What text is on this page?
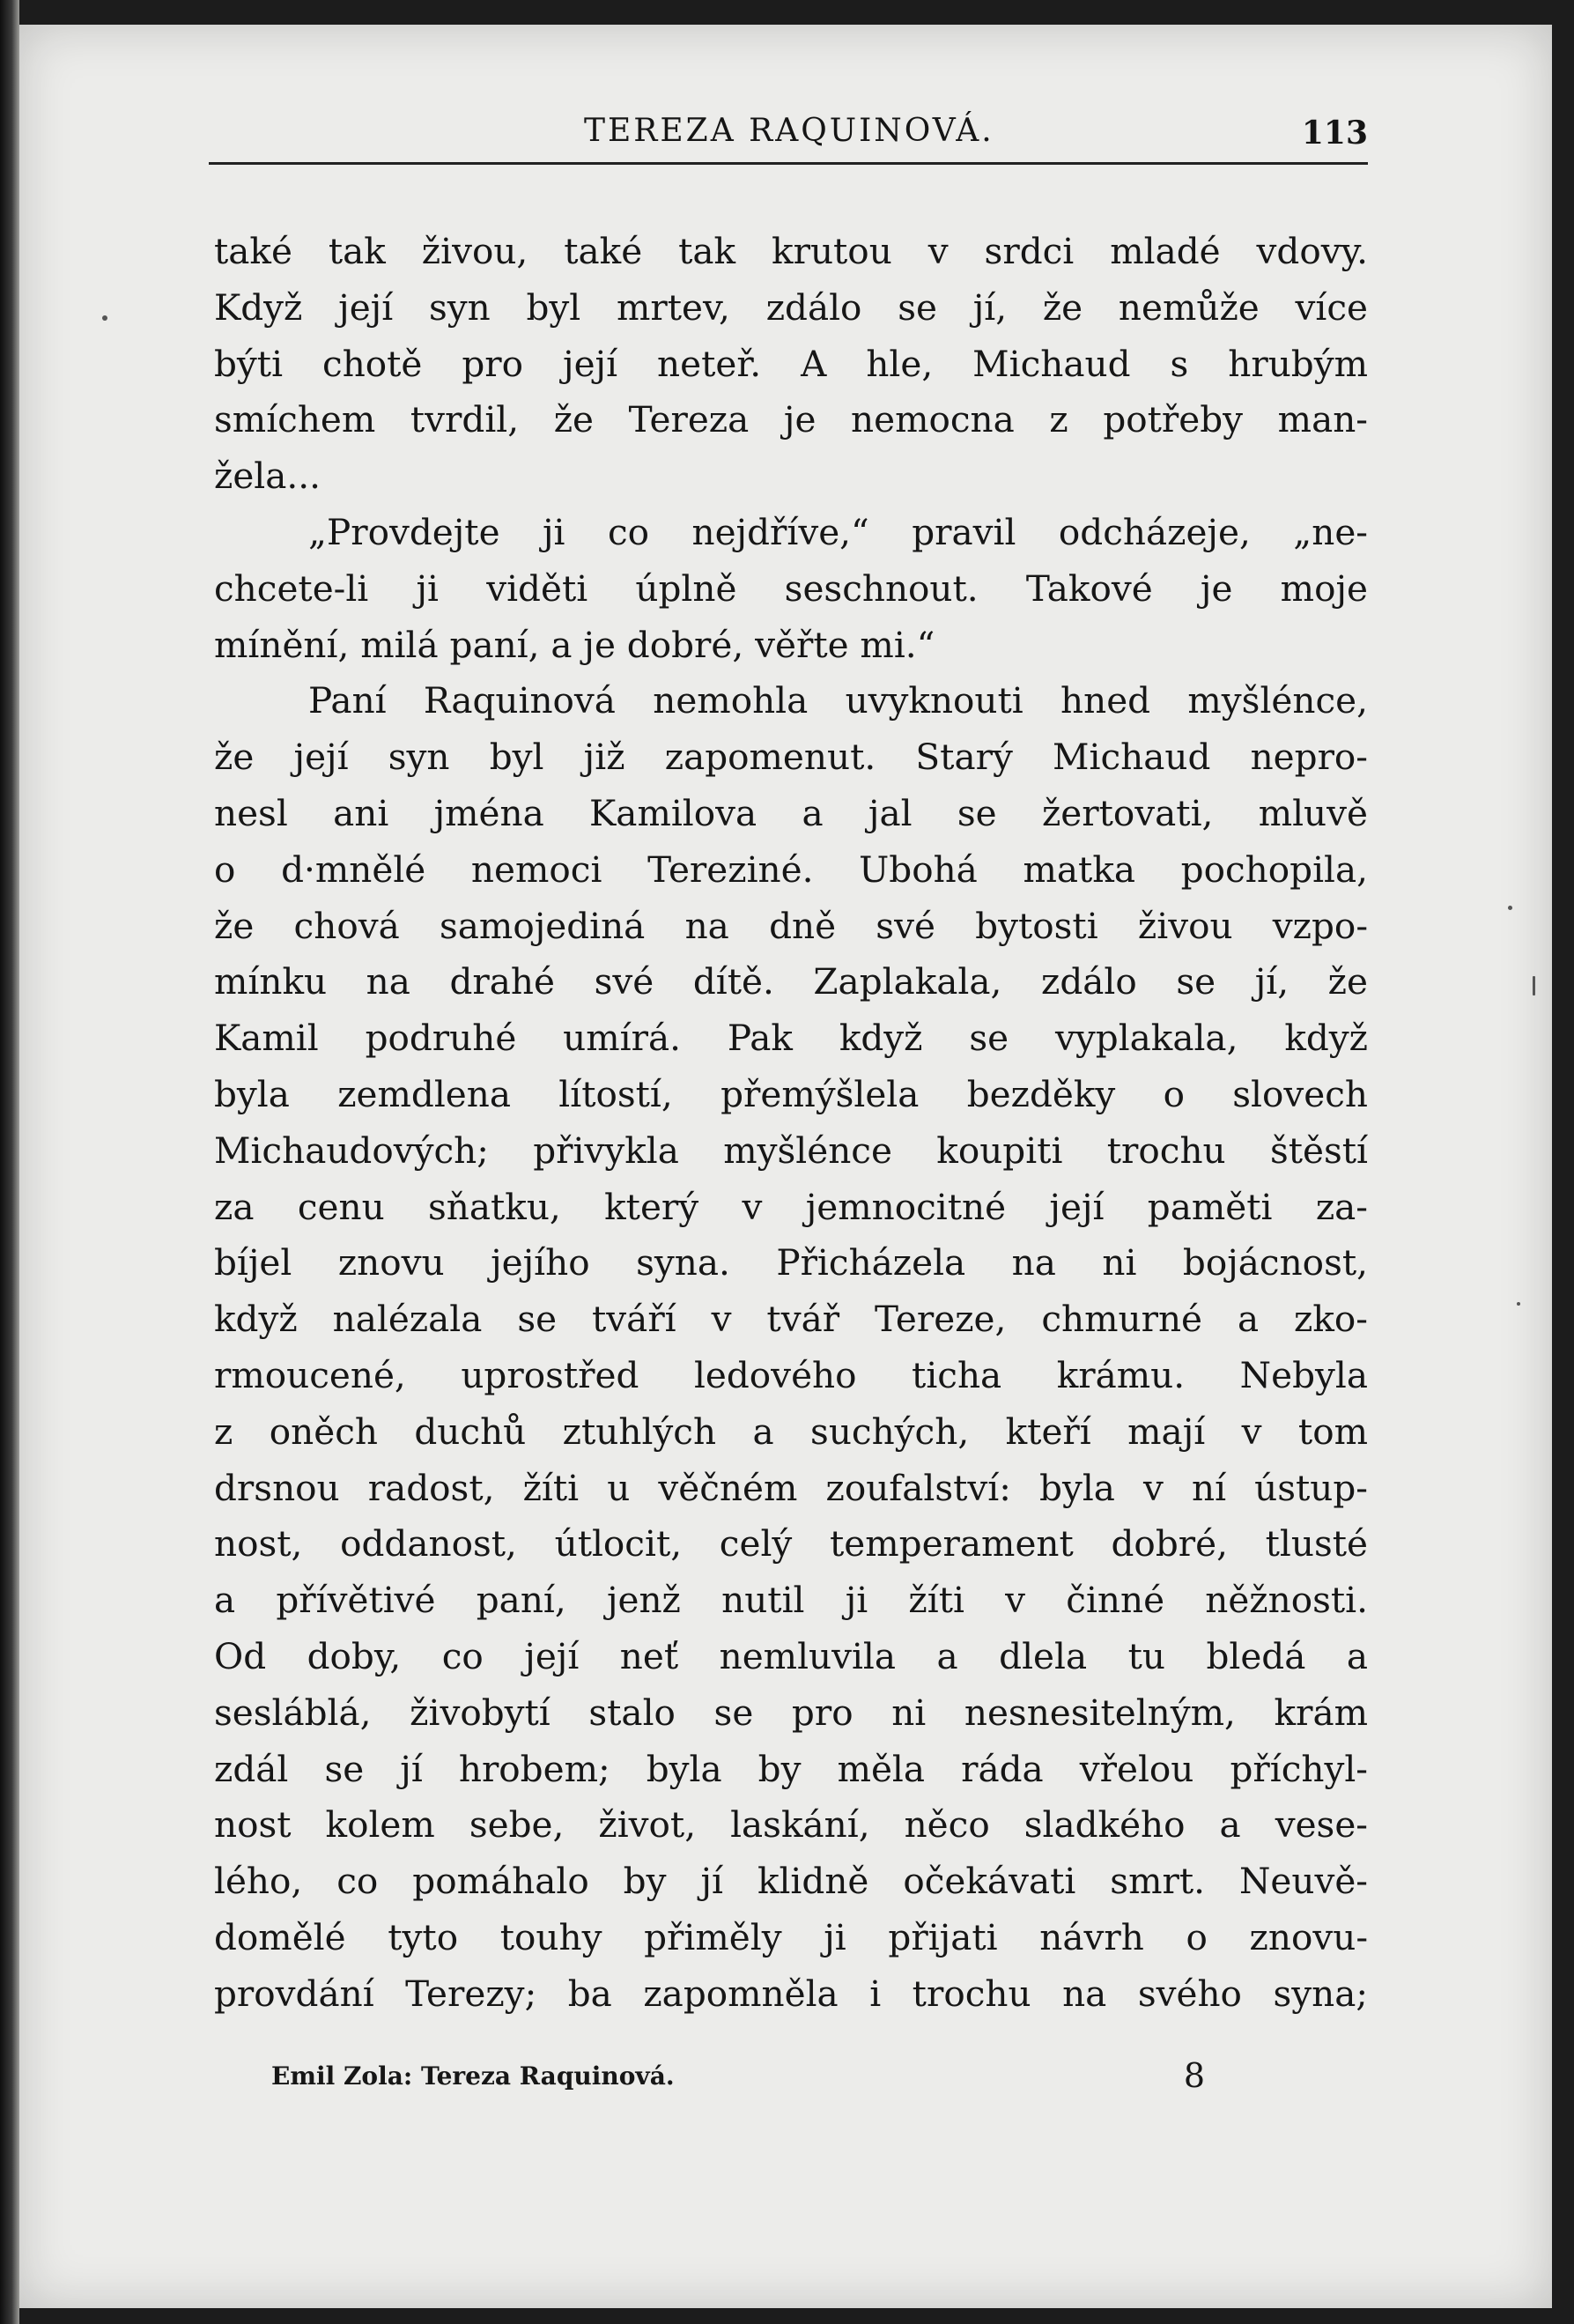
TEREZA RAQUINOVÁ.	113
také tak živou, také tak krutou v srdci mladé vdovy.
Když její syn byl mrtev, zdálo se jí, že nemůže více
býti chotě pro její neteř. A hle, Michaud s hrubým
smíchem tvrdil, že Tereza je nemocna z potřeby man-
žela...
„Provdejte ji co nejdříve,“ pravil odcházeje, „ne-
chcete-li ji viděti úplně seschnout. Takové je moje
mínění, milá paní, a je dobré, věřte mi.“
Paní Raquinová nemohla uvyknouti hned myšlénce,
že její syn byl již zapomenut. Starý Michaud nepro-
nesl ani jména Kamilova a jal se žertovati, mluvě
o d·mnělé nemoci Tereziné. Ubohá matka pochopila,
že chová samojediná na dně své bytosti živou vzpo-
mínku na drahé své dítě. Zaplakala, zdálo se jí, že
Kamil podruhé umírá. Pak když se vyplakala, když
byla zemdlena lítostí, přemýšlela bezděky o slovech
Michaudových; přivykla myšlénce koupiti trochu štěstí
za cenu sňatku, který v jemnocitné její paměti za-
bíjel znovu jejího syna. Přicházela na ni bojácnost,
když nalézala se tváří v tvář Tereze, chmurné a zko-
rmoucené, uprostřed ledového ticha krámu. Nebyla
z oněch duchů ztuhlých a suchých, kteří mají v tom
drsnou radost, žíti u věčném zoufalství: byla v ní ústup-
nost, oddanost, útlocit, celý temperament dobré, tlusté
a přívětivé paní, jenž nutil ji žíti v činné něžnosti.
Od doby, co její neť nemluvila a dlela tu bledá a
sesláblá, živobytí stalo se pro ni nesnesitelným, krám
zdál se jí hrobem; byla by měla ráda vřelou příchyl-
nost kolem sebe, život, laskání, něco sladkého a vese-
lého, co pomáhalo by jí klidně očekávati smrt. Neuvě-
domělé tyto touhy přiměly ji přijati návrh o znovu-
provdání Terezy; ba zapomněla i trochu na svého syna;
Emil Zola: Tereza Raquinová.	8
